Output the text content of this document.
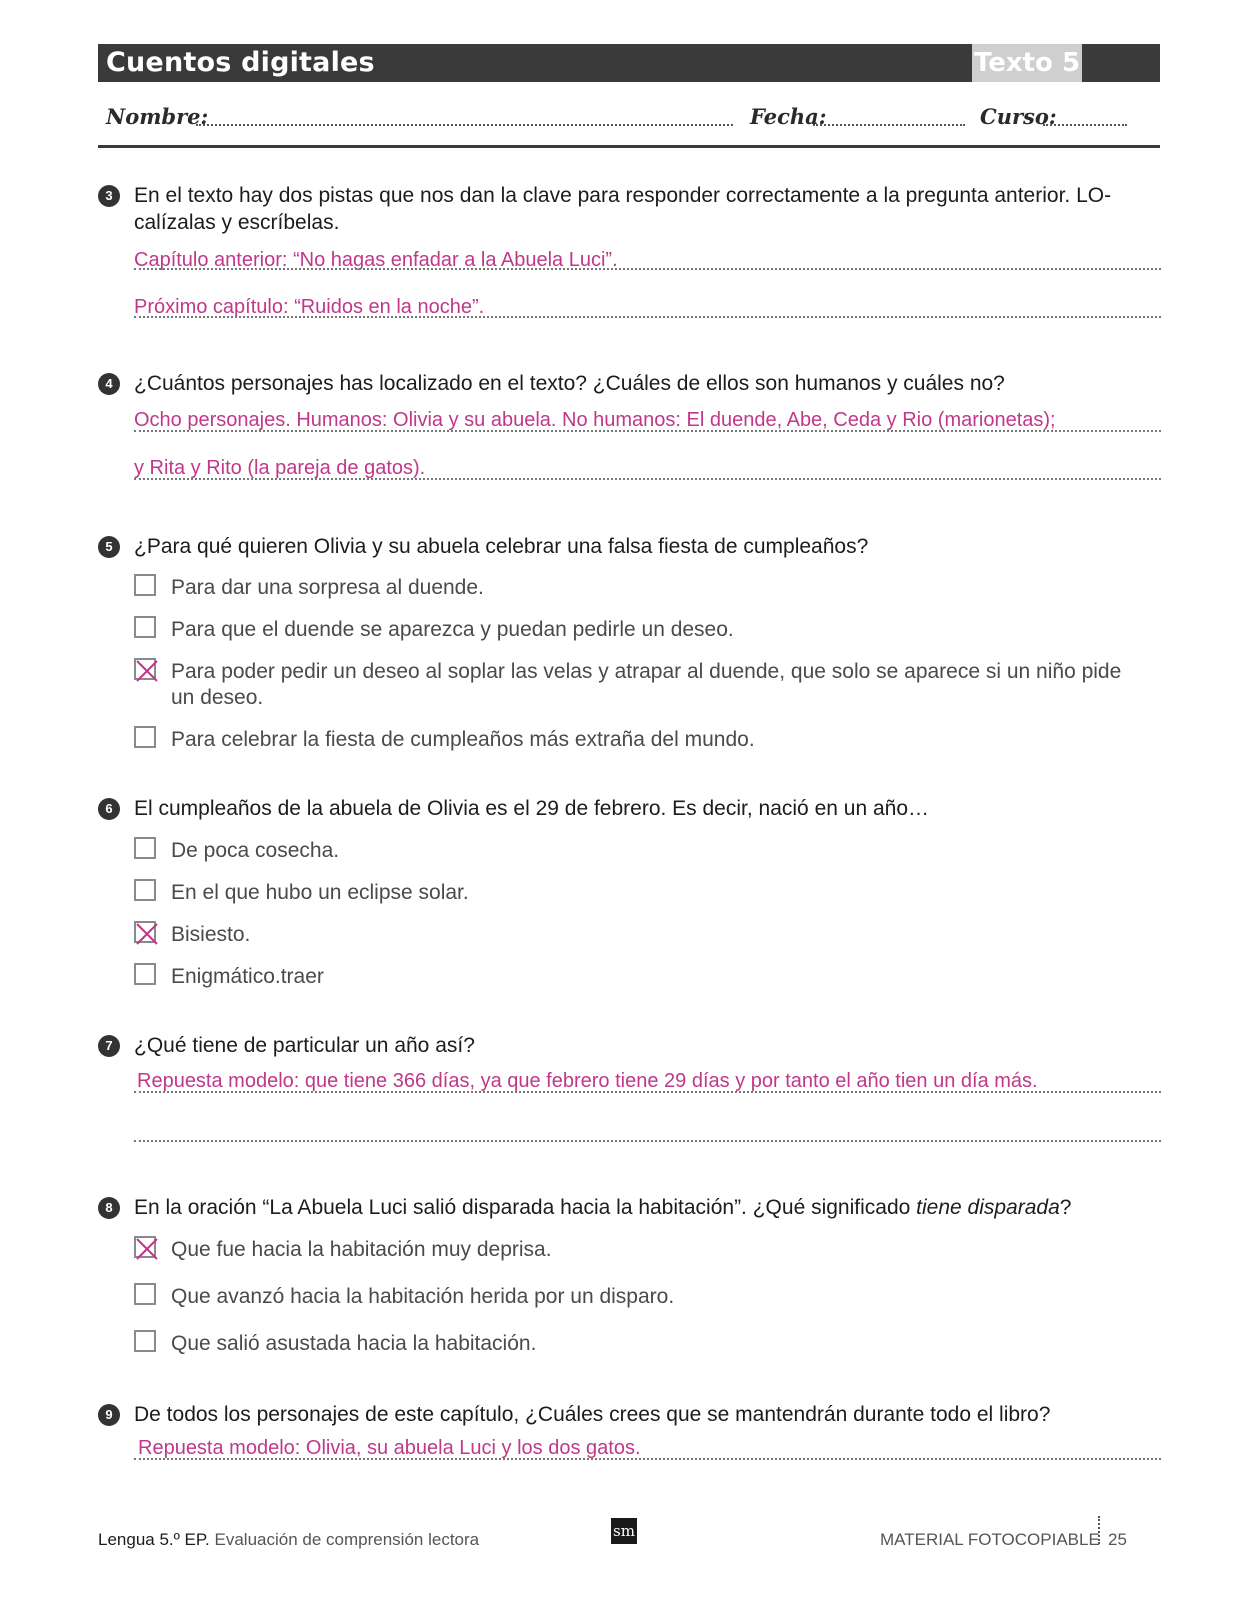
Cuentos digitales	Texto 5
Nombre:	Fecha:	Curso:
3	En el texto hay dos pistas que nos dan la clave para responder correctamente a la pregunta anterior. LO-
calízalas y escríbelas.
Capítulo anterior: “No hagas enfadar a la Abuela Luci”.
Próximo capítulo: “Ruidos en la noche”.
4	¿Cuántos personajes has localizado en el texto? ¿Cuáles de ellos son humanos y cuáles no?
Ocho personajes. Humanos: Olivia y su abuela. No humanos: El duende, Abe, Ceda y Rio (marionetas);
y Rita y Rito (la pareja de gatos).
5	¿Para qué quieren Olivia y su abuela celebrar una falsa fiesta de cumpleaños?
Para dar una sorpresa al duende.
Para que el duende se aparezca y puedan pedirle un deseo.
Para poder pedir un deseo al soplar las velas y atrapar al duende, que solo se aparece si un niño pide
un deseo.
Para celebrar la fiesta de cumpleaños más extraña del mundo.
6	El cumpleaños de la abuela de Olivia es el 29 de febrero. Es decir, nació en un año…
De poca cosecha.
En el que hubo un eclipse solar.
Bisiesto.
Enigmático.traer
7	¿Qué tiene de particular un año así?
Repuesta modelo: que tiene 366 días, ya que febrero tiene 29 días y por tanto el año tien un día más.
8	En la oración “La Abuela Luci salió disparada hacia la habitación”. ¿Qué significado tiene disparada?
Que fue hacia la habitación muy deprisa.
Que avanzó hacia la habitación herida por un disparo.
Que salió asustada hacia la habitación.
9	De todos los personajes de este capítulo, ¿Cuáles crees que se mantendrán durante todo el libro?
Repuesta modelo: Olivia, su abuela Luci y los dos gatos.
Lengua 5.º EP. Evaluación de comprensión lectora	sm	MATERIAL FOTOCOPIABLE 25
